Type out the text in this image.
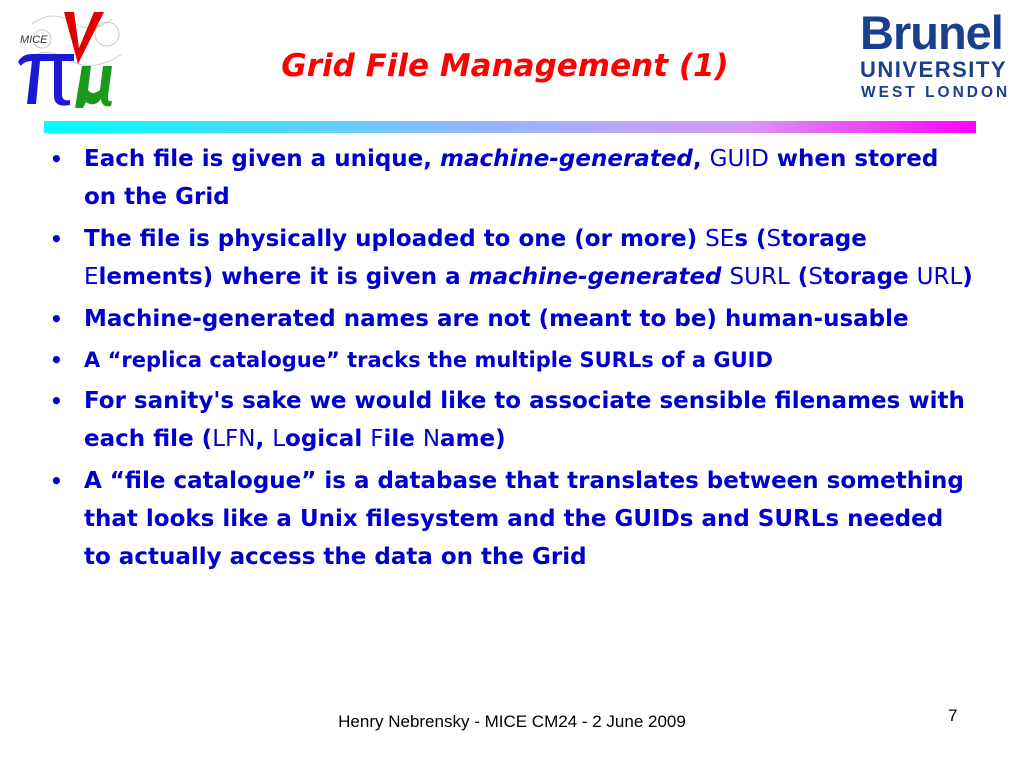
MICE
Grid File Management (1)
Brunel
UNIVERSITY
WEST LONDON
• Each file is given a unique, machine-generated, GUID when stored on the Grid
• The file is physically uploaded to one (or more) SEs (Storage Elements) where it is given a machine-generated SURL (Storage URL)
• Machine-generated names are not (meant to be) human-usable
• A “replica catalogue” tracks the multiple SURLs of a GUID
• For sanity's sake we would like to associate sensible filenames with each file (LFN, Logical File Name)
• A “file catalogue” is a database that translates between something that looks like a Unix filesystem and the GUIDs and SURLs needed to actually access the data on the Grid
Henry Nebrensky - MICE CM24 - 2 June 2009	7
